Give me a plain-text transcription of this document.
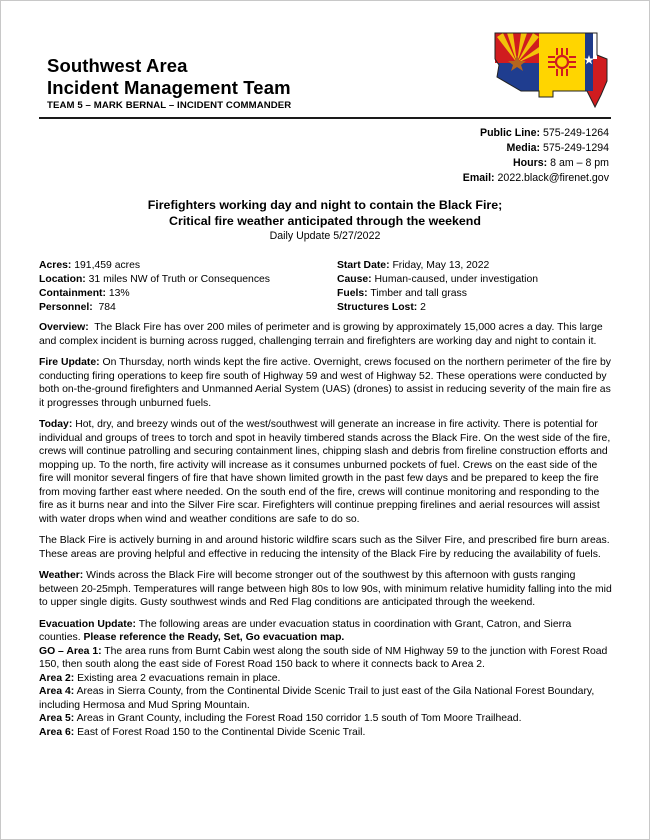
Southwest Area
Incident Management Team
TEAM 5 – MARK BERNAL – INCIDENT COMMANDER
Public Line: 575-249-1264
Media: 575-249-1294
Hours: 8 am – 8 pm
Email: 2022.black@firenet.gov
Firefighters working day and night to contain the Black Fire;
Critical fire weather anticipated through the weekend
Daily Update 5/27/2022
Acres: 191,459 acres
Location: 31 miles NW of Truth or Consequences
Containment: 13%
Personnel: 784
Start Date: Friday, May 13, 2022
Cause: Human-caused, under investigation
Fuels: Timber and tall grass
Structures Lost: 2

Overview: The Black Fire has over 200 miles of perimeter and is growing by approximately 15,000 acres a day. This large and complex incident is burning across rugged, challenging terrain and firefighters are working day and night to contain it.

Fire Update: On Thursday, north winds kept the fire active. Overnight, crews focused on the northern perimeter of the fire by conducting firing operations to keep fire south of Highway 59 and west of Highway 52. These operations were conducted by both on-the-ground firefighters and Unmanned Aerial System (UAS) (drones) to assist in reducing severity of the main fire as it progresses through unburned fuels.

Today: Hot, dry, and breezy winds out of the west/southwest will generate an increase in fire activity. There is potential for individual and groups of trees to torch and spot in heavily timbered stands across the Black Fire. On the west side of the fire, crews will continue patrolling and securing containment lines, chipping slash and debris from fireline construction efforts and mopping up. To the north, fire activity will increase as it consumes unburned pockets of fuel. Crews on the east side of the fire will monitor several fingers of fire that have shown limited growth in the past few days and be prepared to keep the fire from moving farther east where needed. On the south end of the fire, crews will continue monitoring and responding to the fire as it burns near and into the Silver Fire scar. Firefighters will continue prepping firelines and aerial resources will assist with water drops when wind and weather conditions are safe to do so.

The Black Fire is actively burning in and around historic wildfire scars such as the Silver Fire, and prescribed fire burn areas. These areas are proving helpful and effective in reducing the intensity of the Black Fire by reducing the availability of fuels.

Weather: Winds across the Black Fire will become stronger out of the southwest by this afternoon with gusts ranging between 20-25mph. Temperatures will range between high 80s to low 90s, with minimum relative humidity falling into the mid to upper single digits. Gusty southwest winds and Red Flag conditions are anticipated through the weekend.

Evacuation Update: The following areas are under evacuation status in coordination with Grant, Catron, and Sierra counties. Please reference the Ready, Set, Go evacuation map.

GO – Area 1: The area runs from Burnt Cabin west along the south side of NM Highway 59 to the junction with Forest Road 150, then south along the east side of Forest Road 150 back to where it connects back to Area 2.

Area 2: Existing area 2 evacuations remain in place.

Area 4: Areas in Sierra County, from the Continental Divide Scenic Trail to just east of the Gila National Forest Boundary, including Hermosa and Mud Spring Mountain.

Area 5: Areas in Grant County, including the Forest Road 150 corridor 1.5 south of Tom Moore Trailhead.

Area 6: East of Forest Road 150 to the Continental Divide Scenic Trail.
